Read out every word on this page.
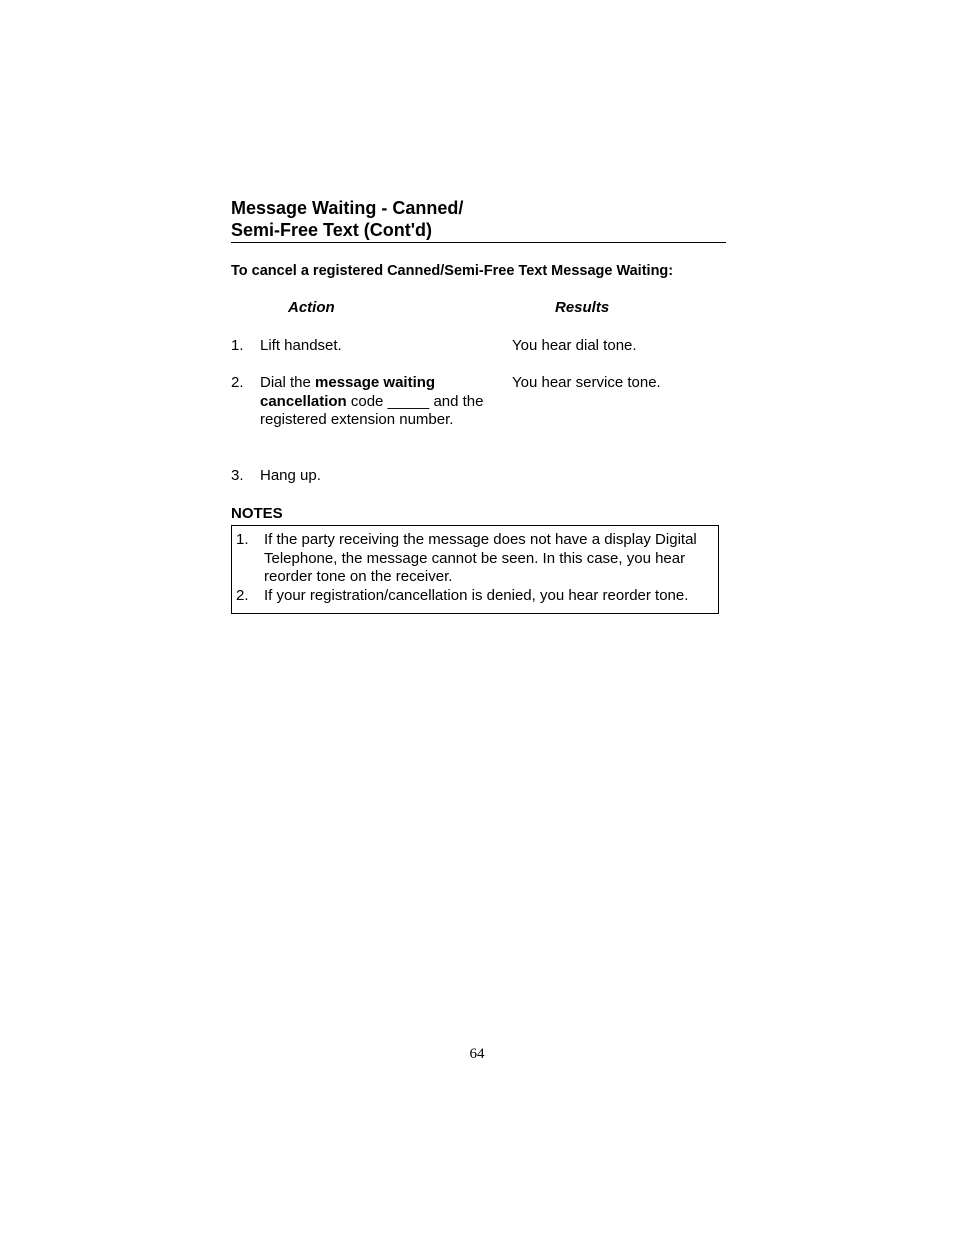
Message Waiting - Canned/
Semi-Free Text (Cont'd)
To cancel a registered Canned/Semi-Free Text Message Waiting:
Action	Results
1. Lift handset.	You hear dial tone.
2. Dial the message waiting cancellation code _____ and the registered extension number.
You hear service tone.
3. Hang up.
NOTES
1. If the party receiving the message does not have a display Digital Telephone, the message cannot be seen. In this case, you hear reorder tone on the receiver.
2. If your registration/cancellation is denied, you hear reorder tone.
64
